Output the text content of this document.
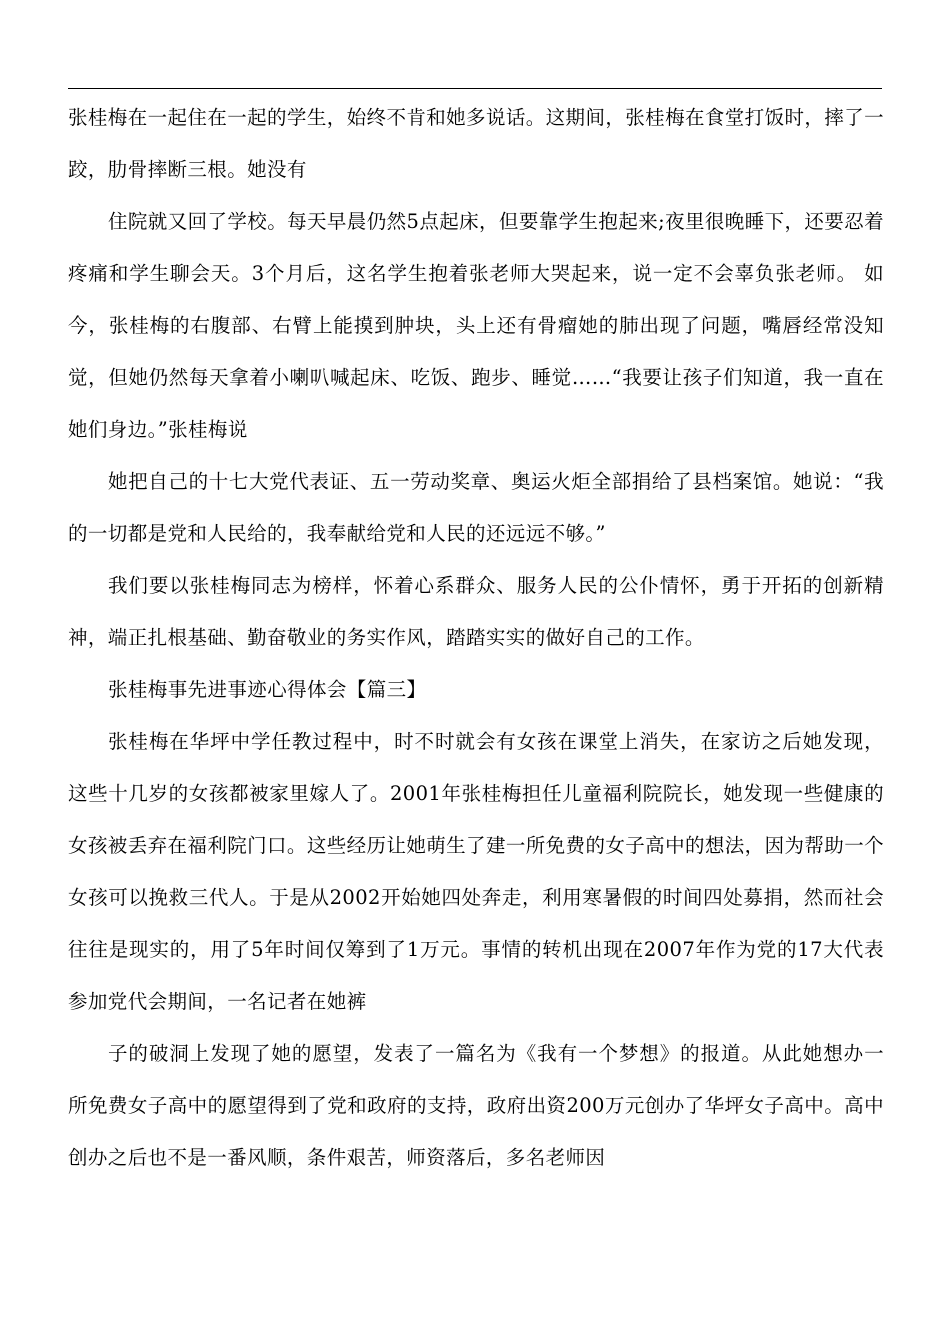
张桂梅在一起住在一起的学生，始终不肯和她多说话。这期间，张桂梅在食堂打饭时，摔了一跤，肋骨摔断三根。她没有

住院就又回了学校。每天早晨仍然5点起床，但要靠学生抱起来;夜里很晚睡下，还要忍着疼痛和学生聊会天。3个月后，这名学生抱着张老师大哭起来，说一定不会辜负张老师。 如今，张桂梅的右腹部、右臂上能摸到肿块，头上还有骨瘤她的肺出现了问题，嘴唇经常没知觉，但她仍然每天拿着小喇叭喊起床、吃饭、跑步、睡觉……“我要让孩子们知道，我一直在她们身边。”张桂梅说

她把自己的十七大党代表证、五一劳动奖章、奥运火炬全部捐给了县档案馆。她说：“我的一切都是党和人民给的，我奉献给党和人民的还远远不够。”

我们要以张桂梅同志为榜样，怀着心系群众、服务人民的公仆情怀，勇于开拓的创新精神，端正扎根基础、勤奋敬业的务实作风，踏踏实实的做好自己的工作。

张桂梅事先进事迹心得体会【篇三】

张桂梅在华坪中学任教过程中，时不时就会有女孩在课堂上消失，在家访之后她发现，这些十几岁的女孩都被家里嫁人了。2001年张桂梅担任儿童福利院院长，她发现一些健康的女孩被丢弃在福利院门口。这些经历让她萌生了建一所免费的女子高中的想法，因为帮助一个女孩可以挽救三代人。于是从2002开始她四处奔走，利用寒暑假的时间四处募捐，然而社会往往是现实的，用了5年时间仅筹到了1万元。事情的转机出现在2007年作为党的17大代表参加党代会期间，一名记者在她裤

子的破洞上发现了她的愿望，发表了一篇名为《我有一个梦想》的报道。从此她想办一所免费女子高中的愿望得到了党和政府的支持，政府出资200万元创办了华坪女子高中。高中创办之后也不是一番风顺，条件艰苦，师资落后，多名老师因
